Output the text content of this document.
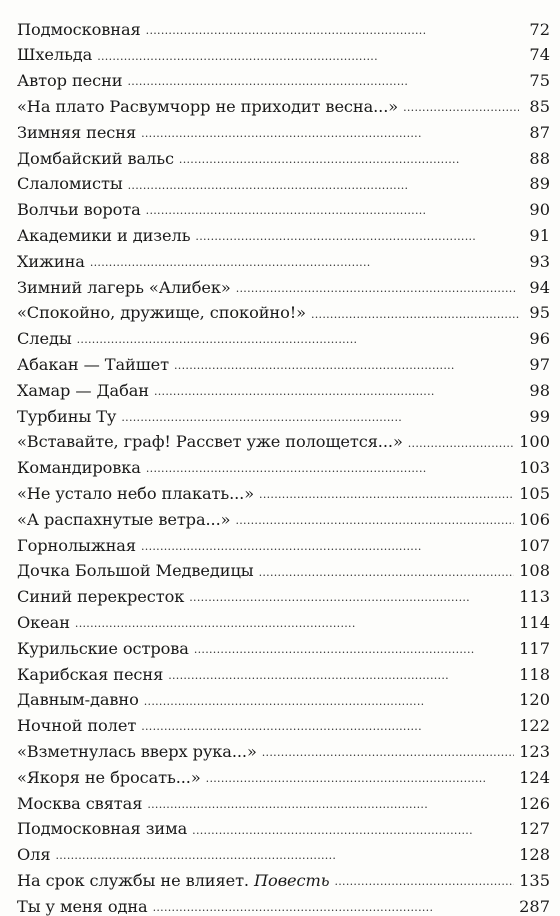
Подмосковная . . .	72
Шхельда . . .	74
Автор песни . . .	75
«На плато Расвумчорр не приходит весна...» . . .	85
Зимняя песня . . .	87
Домбайский вальс . . .	88
Слаломисты . . .	89
Волчьи ворота . . .	90
Академики и дизель . . .	91
Хижина . . .	93
Зимний лагерь «Алибек» . . .	94
«Спокойно, дружище, спокойно!» . . .	95
Следы . . .	96
Абакан — Тайшет . . .	97
Хамар — Дабан . . .	98
Турбины Ту . . .	99
«Вставайте, граф! Рассвет уже полощется...» . . .	100
Командировка . . .	103
«Не устало небо плакать...» . . .	105
«А распахнутые ветра...» . . .	106
Горнолыжная . . .	107
Дочка Большой Медведицы . . .	108
Синий перекресток . . .	113
Океан . . .	114
Курильские острова . . .	117
Карибская песня . . .	118
Давным-давно . . .	120
Ночной полет . . .	122
«Взметнулась вверх рука...» . . .	123
«Якоря не бросать...» . . .	124
Москва святая . . .	126
Подмосковная зима . . .	127
Оля . . .	128
На срок службы не влияет. Повесть . . .	135
Ты у меня одна . . .	287
